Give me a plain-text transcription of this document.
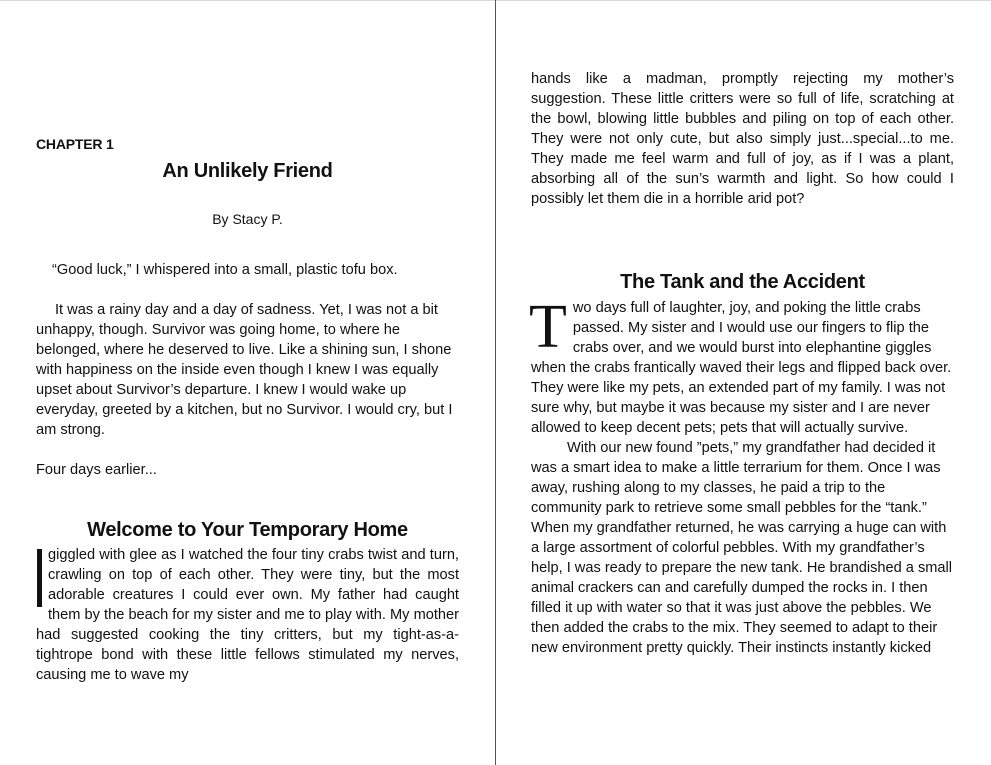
CHAPTER 1
An Unlikely Friend
By Stacy P.

“Good luck,” I whispered into a small, plastic tofu box.

It was a rainy day and a day of sadness. Yet, I was not a bit unhappy, though. Survivor was going home, to where he belonged, where he deserved to live. Like a shining sun, I shone with happiness on the inside even though I knew I was equally upset about Survivor’s departure. I knew I would wake up everyday, greeted by a kitchen, but no Survivor. I would cry, but I am strong.

Four days earlier...

Welcome to Your Temporary Home

giggled with glee as I watched the four tiny crabs twist and turn, crawling on top of each other. They were tiny, but the most adorable creatures I could ever own. My father had caught them by the beach for my sister and me to play with. My mother had suggested cooking the tiny critters, but my tight-as-a-tightrope bond with these little fellows stimulated my nerves, causing me to wave my

hands like a madman, promptly rejecting my mother’s suggestion. These little critters were so full of life, scratching at the bowl, blowing little bubbles and piling on top of each other. They were not only cute, but also simply just...special...to me. They made me feel warm and full of joy, as if I was a plant, absorbing all of the sun’s warmth and light. So how could I possibly let them die in a horrible arid pot?

The Tank and the Accident
T wo days full of laughter, joy, and poking the little crabs passed. My sister and I would use our fingers to flip the crabs over, and we would burst into elephantine giggles when the crabs frantically waved their legs and flipped back over. They were like my pets, an extended part of my family. I was not sure why, but maybe it was because my sister and I are never allowed to keep decent pets; pets that will actually survive.

With our new found ”pets,” my grandfather had decided it was a smart idea to make a little terrarium for them. Once I was away, rushing along to my classes, he paid a trip to the community park to retrieve some small pebbles for the “tank.” When my grandfather returned, he was carrying a huge can with a large assortment of colorful pebbles. With my grandfather’s help, I was ready to prepare the new tank. He brandished a small animal crackers can and carefully dumped the rocks in. I then filled it up with water so that it was just above the pebbles. We then added the crabs to the mix. They seemed to adapt to their new environment pretty quickly. Their instincts instantly kicked
